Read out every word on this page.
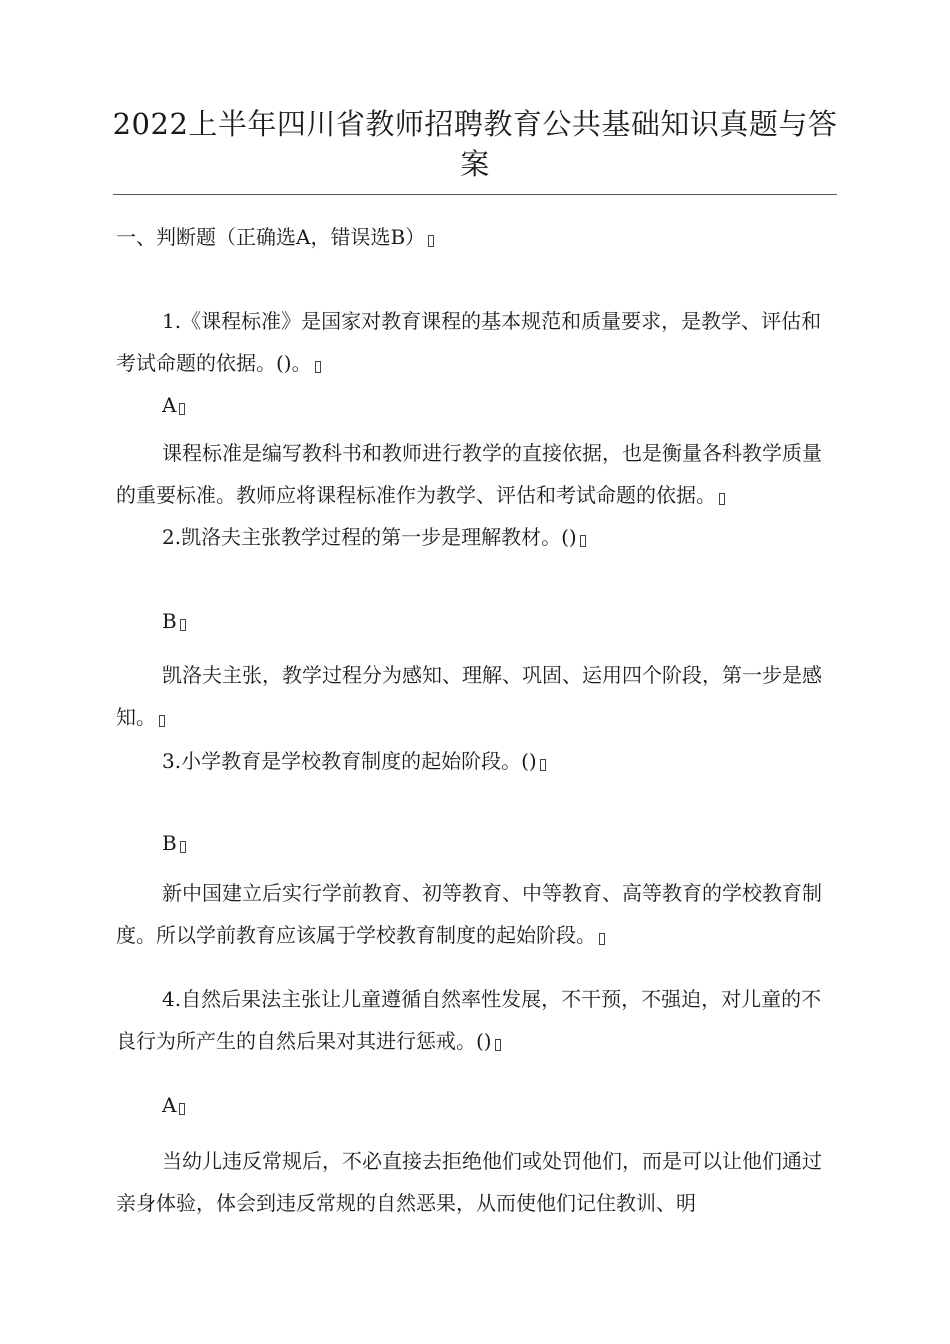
2022上半年四川省教师招聘教育公共基础知识真题与答案

一、判断题（正确选A，错误选B）

1.《课程标准》是国家对教育课程的基本规范和质量要求，是教学、评估和考试命题的依据。()。

A

课程标准是编写教科书和教师进行教学的直接依据，也是衡量各科教学质量的重要标准。教师应将课程标准作为教学、评估和考试命题的依据。

2.凯洛夫主张教学过程的第一步是理解教材。()

B

凯洛夫主张，教学过程分为感知、理解、巩固、运用四个阶段，第一步是感知。

3.小学教育是学校教育制度的起始阶段。()

B

新中国建立后实行学前教育、初等教育、中等教育、高等教育的学校教育制度。所以学前教育应该属于学校教育制度的起始阶段。

4.自然后果法主张让儿童遵循自然率性发展，不干预，不强迫，对儿童的不良行为所产生的自然后果对其进行惩戒。()

A

当幼儿违反常规后，不必直接去拒绝他们或处罚他们，而是可以让他们通过亲身体验，体会到违反常规的自然恶果，从而使他们记住教训、明
